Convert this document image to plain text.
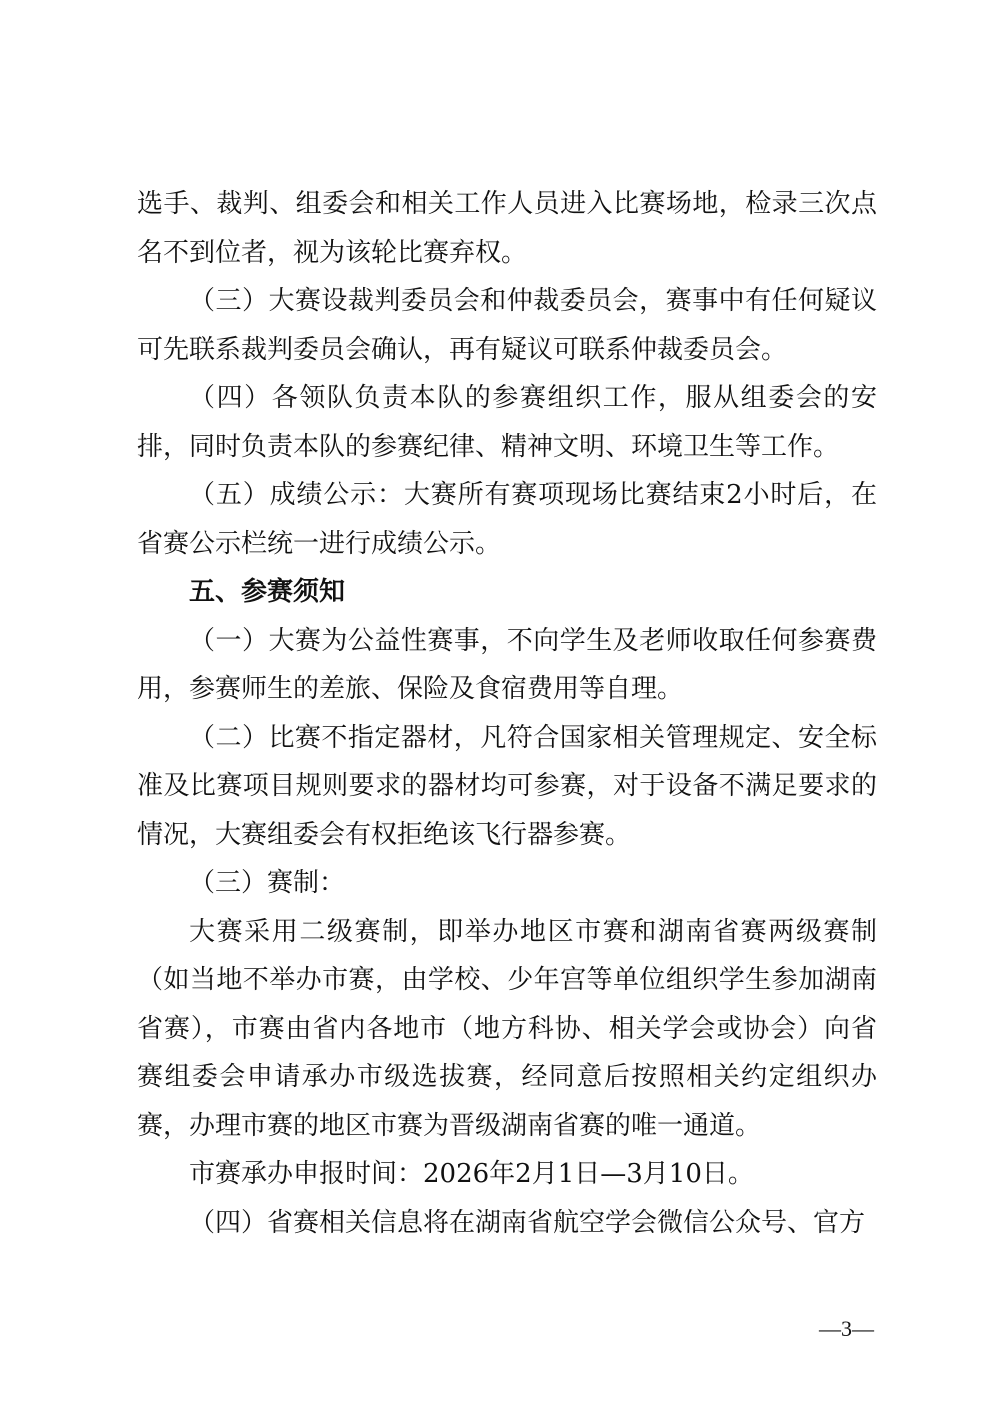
选手、裁判、组委会和相关工作人员进入比赛场地，检录三次点名不到位者，视为该轮比赛弃权。

（三）大赛设裁判委员会和仲裁委员会，赛事中有任何疑议可先联系裁判委员会确认，再有疑议可联系仲裁委员会。

（四）各领队负责本队的参赛组织工作，服从组委会的安排，同时负责本队的参赛纪律、精神文明、环境卫生等工作。

（五）成绩公示：大赛所有赛项现场比赛结束2小时后，在省赛公示栏统一进行成绩公示。

五、参赛须知

（一）大赛为公益性赛事，不向学生及老师收取任何参赛费用，参赛师生的差旅、保险及食宿费用等自理。

（二）比赛不指定器材，凡符合国家相关管理规定、安全标准及比赛项目规则要求的器材均可参赛，对于设备不满足要求的情况，大赛组委会有权拒绝该飞行器参赛。

（三）赛制：

大赛采用二级赛制，即举办地区市赛和湖南省赛两级赛制（如当地不举办市赛，由学校、少年宫等单位组织学生参加湖南省赛），市赛由省内各地市（地方科协、相关学会或协会）向省赛组委会申请承办市级选拔赛，经同意后按照相关约定组织办赛，办理市赛的地区市赛为晋级湖南省赛的唯一通道。

市赛承办申报时间：2026年2月1日—3月10日。

（四）省赛相关信息将在湖南省航空学会微信公众号、官方

—3—
